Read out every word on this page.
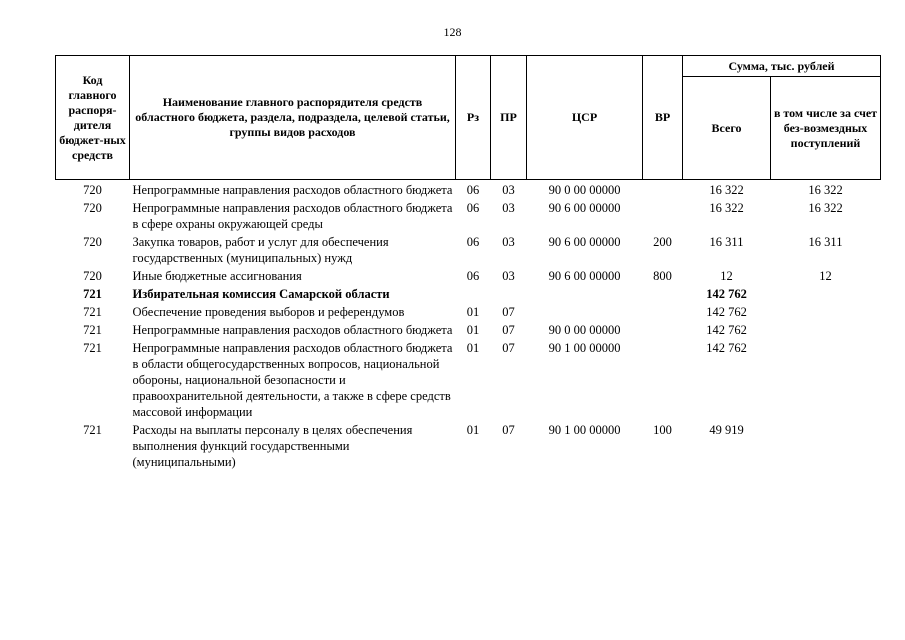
128
Код главного распоря-дителя бюджет-ных средств	Наименование главного распорядителя средств областного бюджета, раздела, подраздела, целевой статьи, группы видов расходов	Рз	ПР	ЦСР	ВР	Сумма, тыс. рублей	
						Всего	в том числе за счет без-возмездных поступлений
720	Непрограммные направления расходов областного бюджета	06	03	90 0 00 00000		16 322	16 322
720	Непрограммные направления расходов областного бюджета в сфере охраны окружающей среды	06	03	90 6 00 00000		16 322	16 322
720	Закупка товаров, работ и услуг для обеспечения государственных (муниципальных) нужд	06	03	90 6 00 00000	200	16 311	16 311
720	Иные бюджетные ассигнования	06	03	90 6 00 00000	800	12	12
721	Избирательная комиссия Самарской области					142 762	
721	Обеспечение проведения выборов и референдумов	01	07			142 762	
721	Непрограммные направления расходов областного бюджета	01	07	90 0 00 00000		142 762	
721	Непрограммные направления расходов областного бюджета в области общегосударственных вопросов, национальной обороны, национальной безопасности и правоохранительной деятельности, а также в сфере средств массовой информации	01	07	90 1 00 00000		142 762	
721	Расходы на выплаты персоналу в целях обеспечения выполнения функций государственными (муниципальными)	01	07	90 1 00 00000	100	49 919	
